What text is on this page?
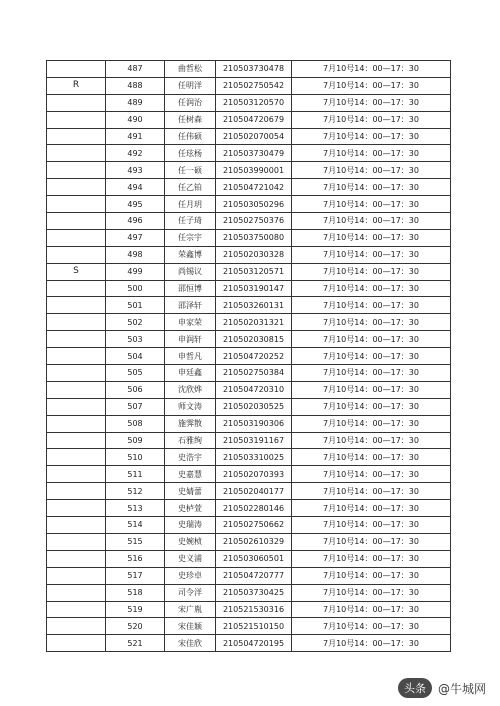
	487	曲哲松	210503730478	7月10号14：00—17：30
R	488	任明洋	210502750542	7月10号14：00—17：30
	489	任润治	210503120570	7月10号14：00—17：30
	490	任树森	210504720679	7月10号14：00—17：30
	491	任伟硕	210502070054	7月10号14：00—17：30
	492	任玹杨	210503730479	7月10号14：00—17：30
	493	任一硕	210503990001	7月10号14：00—17：30
	494	任乙铂	210504721042	7月10号14：00—17：30
	495	任月玥	210503050296	7月10号14：00—17：30
	496	任子琦	210502750376	7月10号14：00—17：30
	497	任宗宇	210503750080	7月10号14：00—17：30
	498	荣鑫博	210502030328	7月10号14：00—17：30
S	499	尚锡议	210503120571	7月10号14：00—17：30
	500	邵恒博	210503190147	7月10号14：00—17：30
	501	邵泽轩	210503260131	7月10号14：00—17：30
	502	申家荣	210502031321	7月10号14：00—17：30
	503	申润轩	210502030815	7月10号14：00—17：30
	504	申哲凡	210504720252	7月10号14：00—17：30
	505	申廷鑫	210502750384	7月10号14：00—17：30
	506	沈欣烨	210504720310	7月10号14：00—17：30
	507	师文涛	210502030525	7月10号14：00—17：30
	508	施霁散	210503190306	7月10号14：00—17：30
	509	石雅绚	210503191167	7月10号14：00—17：30
	510	史浩宇	210503310025	7月10号14：00—17：30
	511	史嘉慧	210502070393	7月10号14：00—17：30
	512	史婧蕾	210502040177	7月10号14：00—17：30
	513	史栌萱	210502280146	7月10号14：00—17：30
	514	史瑞涛	210502750662	7月10号14：00—17：30
	515	史婉桢	210502610329	7月10号14：00—17：30
	516	史义浦	210503060501	7月10号14：00—17：30
	517	史珍卓	210504720777	7月10号14：00—17：30
	518	司令洋	210503730425	7月10号14：00—17：30
	519	宋广胤	210521530316	7月10号14：00—17：30
	520	宋佳颖	210521510150	7月10号14：00—17：30
	521	宋佳欣	210504720195	7月10号14：00—17：30
头条	@牛城网
